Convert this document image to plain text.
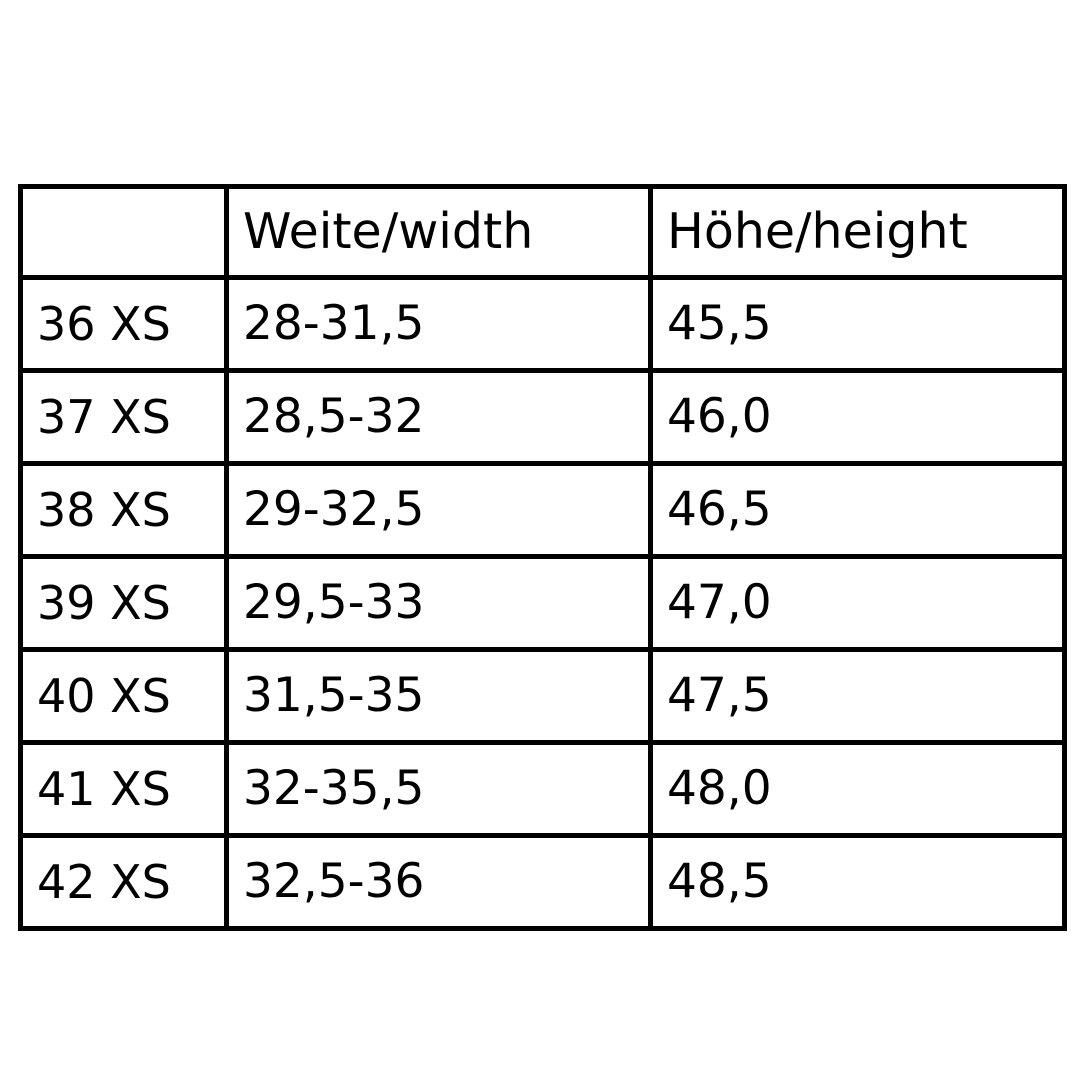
	Weite/width	Höhe/height
36 XS	28-31,5	45,5
37 XS	28,5-32	46,0
38 XS	29-32,5	46,5
39 XS	29,5-33	47,0
40 XS	31,5-35	47,5
41 XS	32-35,5	48,0
42 XS	32,5-36	48,5
